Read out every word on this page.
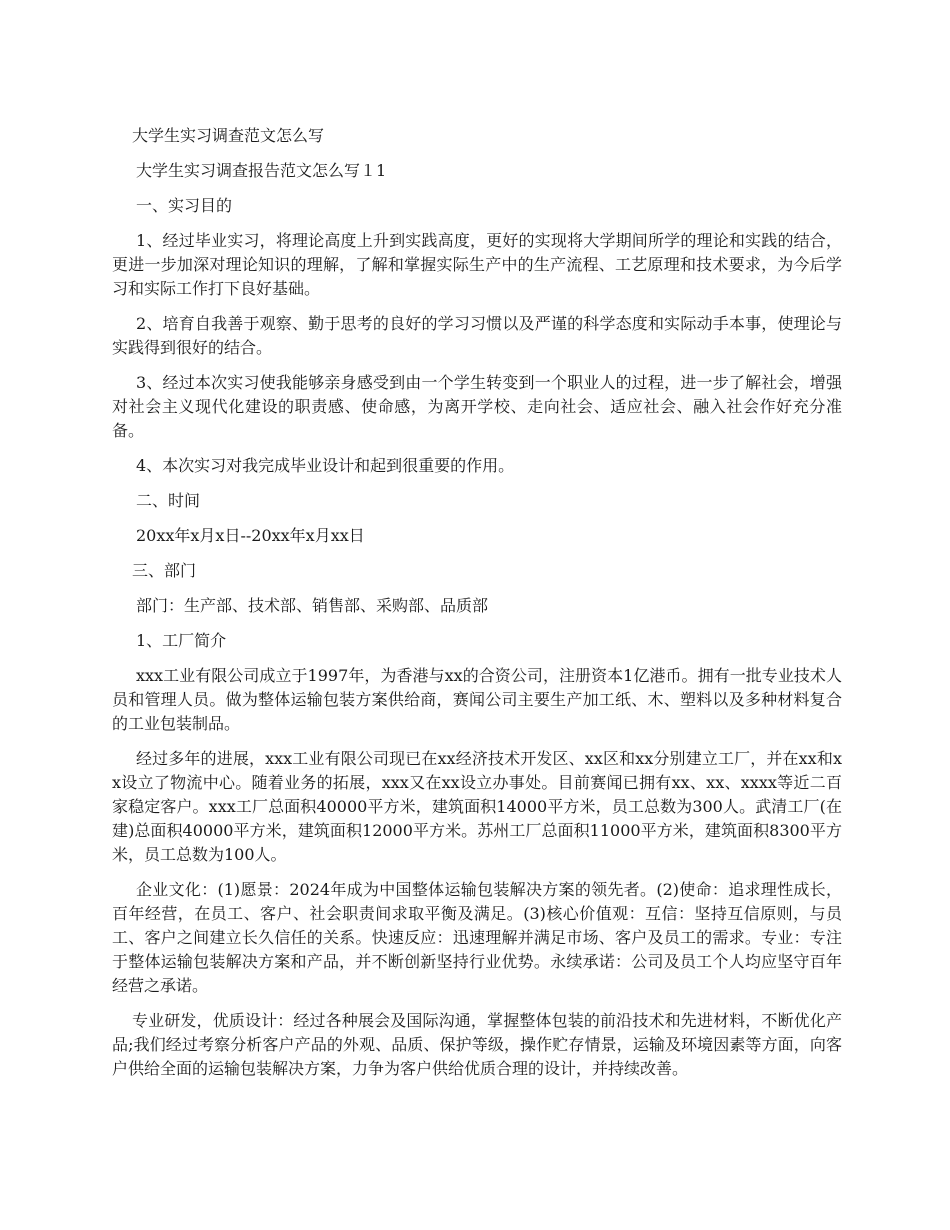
大学生实习调查范文怎么写

大学生实习调查报告范文怎么写１1

一、实习目的

1、经过毕业实习，将理论高度上升到实践高度，更好的实现将大学期间所学的理论和实践的结合，更进一步加深对理论知识的理解，了解和掌握实际生产中的生产流程、工艺原理和技术要求，为今后学习和实际工作打下良好基础。

2、培育自我善于观察、勤于思考的良好的学习习惯以及严谨的科学态度和实际动手本事，使理论与实践得到很好的结合。

3、经过本次实习使我能够亲身感受到由一个学生转变到一个职业人的过程，进一步了解社会，增强对社会主义现代化建设的职责感、使命感，为离开学校、走向社会、适应社会、融入社会作好充分准备。

4、本次实习对我完成毕业设计和起到很重要的作用。

二、时间

20xx年x月x日--20xx年x月xx日

三、部门

部门：生产部、技术部、销售部、采购部、品质部

1、工厂简介

xxx工业有限公司成立于1997年，为香港与xx的合资公司，注册资本1亿港币。拥有一批专业技术人员和管理人员。做为整体运输包装方案供给商，赛闻公司主要生产加工纸、木、塑料以及多种材料复合的工业包装制品。

经过多年的进展，xxx工业有限公司现已在xx经济技术开发区、xx区和xx分别建立工厂，并在xx和xx设立了物流中心。随着业务的拓展，xxx又在xx设立办事处。目前赛闻已拥有xx、xx、xxxx等近二百家稳定客户。xxx工厂总面积40000平方米，建筑面积14000平方米，员工总数为300人。武清工厂(在建)总面积40000平方米，建筑面积12000平方米。苏州工厂总面积11000平方米，建筑面积8300平方米，员工总数为100人。

企业文化：(1)愿景：2024年成为中国整体运输包装解决方案的领先者。(2)使命：追求理性成长，百年经营，在员工、客户、社会职责间求取平衡及满足。(3)核心价值观：互信：坚持互信原则，与员工、客户之间建立长久信任的关系。快速反应：迅速理解并满足市场、客户及员工的需求。专业：专注于整体运输包装解决方案和产品，并不断创新坚持行业优势。永续承诺：公司及员工个人均应坚守百年经营之承诺。

专业研发，优质设计：经过各种展会及国际沟通，掌握整体包装的前沿技术和先进材料，不断优化产品;我们经过考察分析客户产品的外观、品质、保护等级，操作贮存情景，运输及环境因素等方面，向客户供给全面的运输包装解决方案，力争为客户供给优质合理的设计，并持续改善。
